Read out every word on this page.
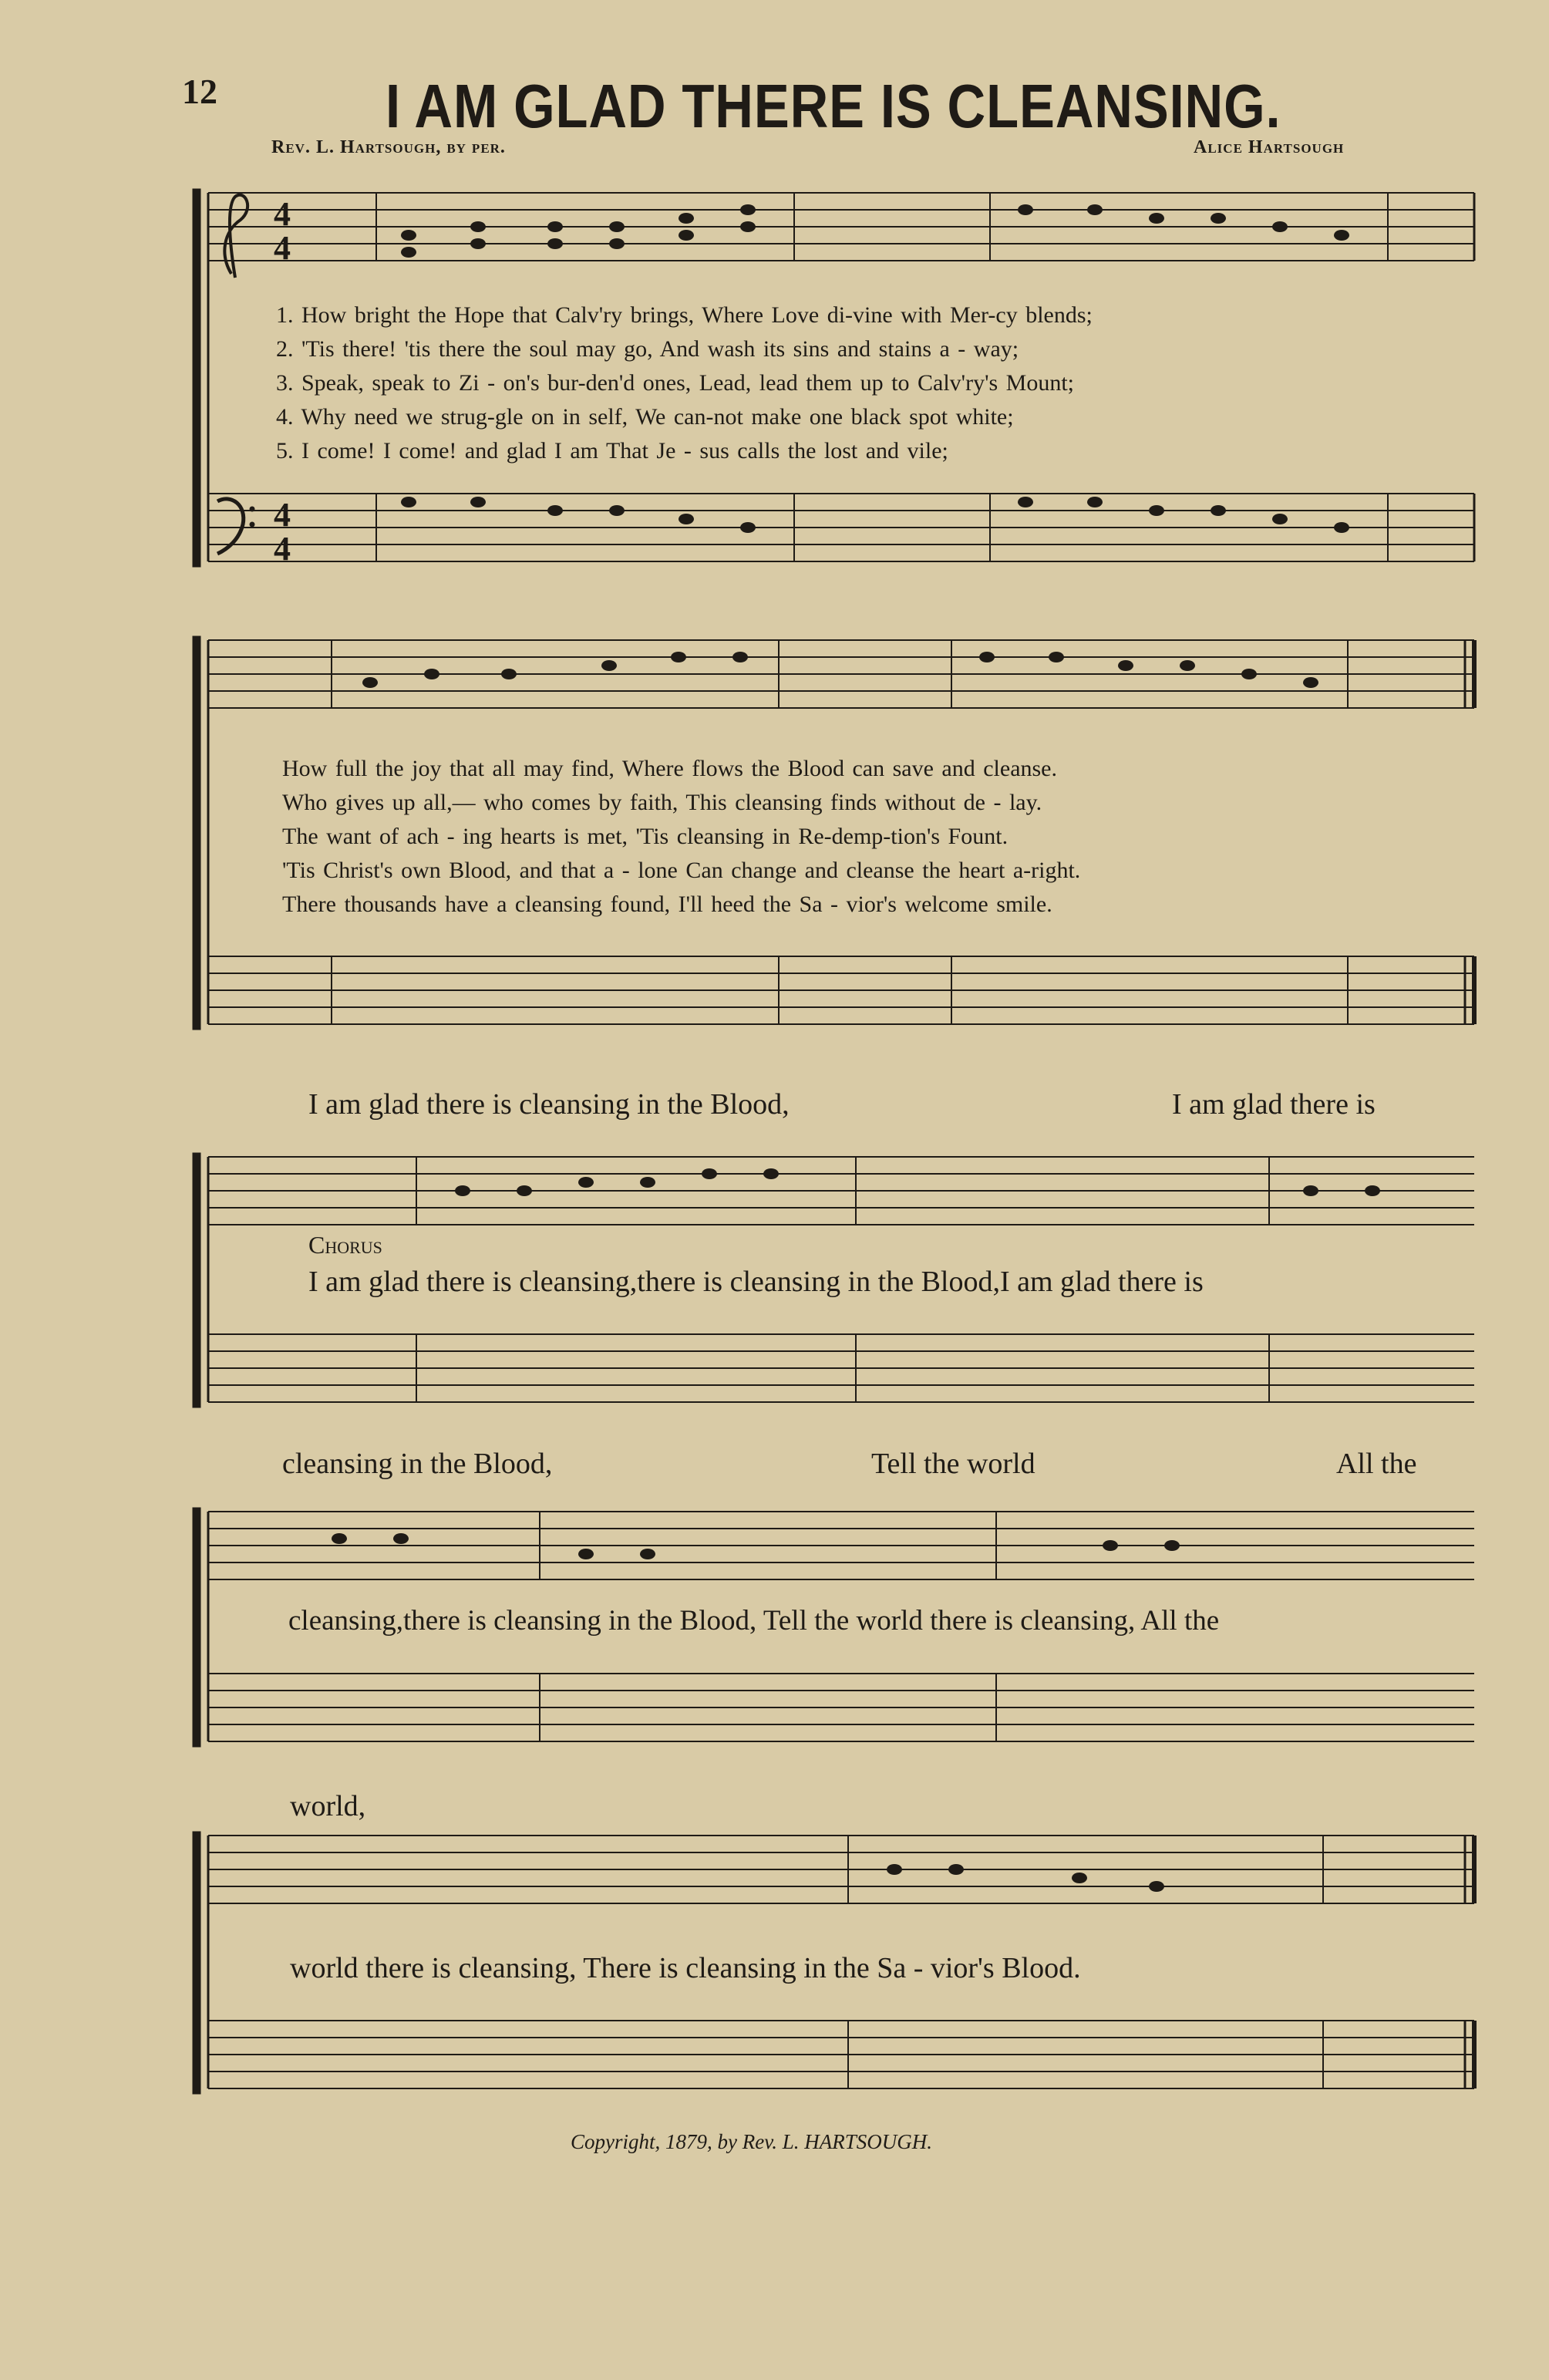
12	I AM GLAD THERE IS CLEANSING.
Rev. L. Hartsough, by per.	Alice Hartsough
4
4
4
4
1. How bright the Hope that Calv'ry brings, Where Love di-vine with Mer-cy blends;
2. 'Tis there! 'tis there the soul may go, And wash its sins and stains a - way;
3. Speak, speak to Zi - on's bur-den'd ones, Lead, lead them up to Calv'ry's Mount;
4. Why need we strug-gle on in self, We can-not make one black spot white;
5. I come! I come! and glad I am That Je - sus calls the lost and vile;
How full the joy that all may find, Where flows the Blood can save and cleanse.
Who gives up all,— who comes by faith, This cleansing finds without de - lay.
The want of ach - ing hearts is met, 'Tis cleansing in Re-demp-tion's Fount.
'Tis Christ's own Blood, and that a - lone Can change and cleanse the heart a-right.
There thousands have a cleansing found, I'll heed the Sa - vior's welcome smile.
I am glad there is cleansing in the Blood,	I am glad there is
Chorus
I am glad there is cleansing,there is cleansing in the Blood,I am glad there is
cleansing in the Blood,	Tell the world	All the
cleansing,there is cleansing in the Blood, Tell the world there is cleansing, All the
world,
world there is cleansing, There is cleansing in the Sa - vior's Blood.
Copyright, 1879, by Rev. L. HARTSOUGH.
